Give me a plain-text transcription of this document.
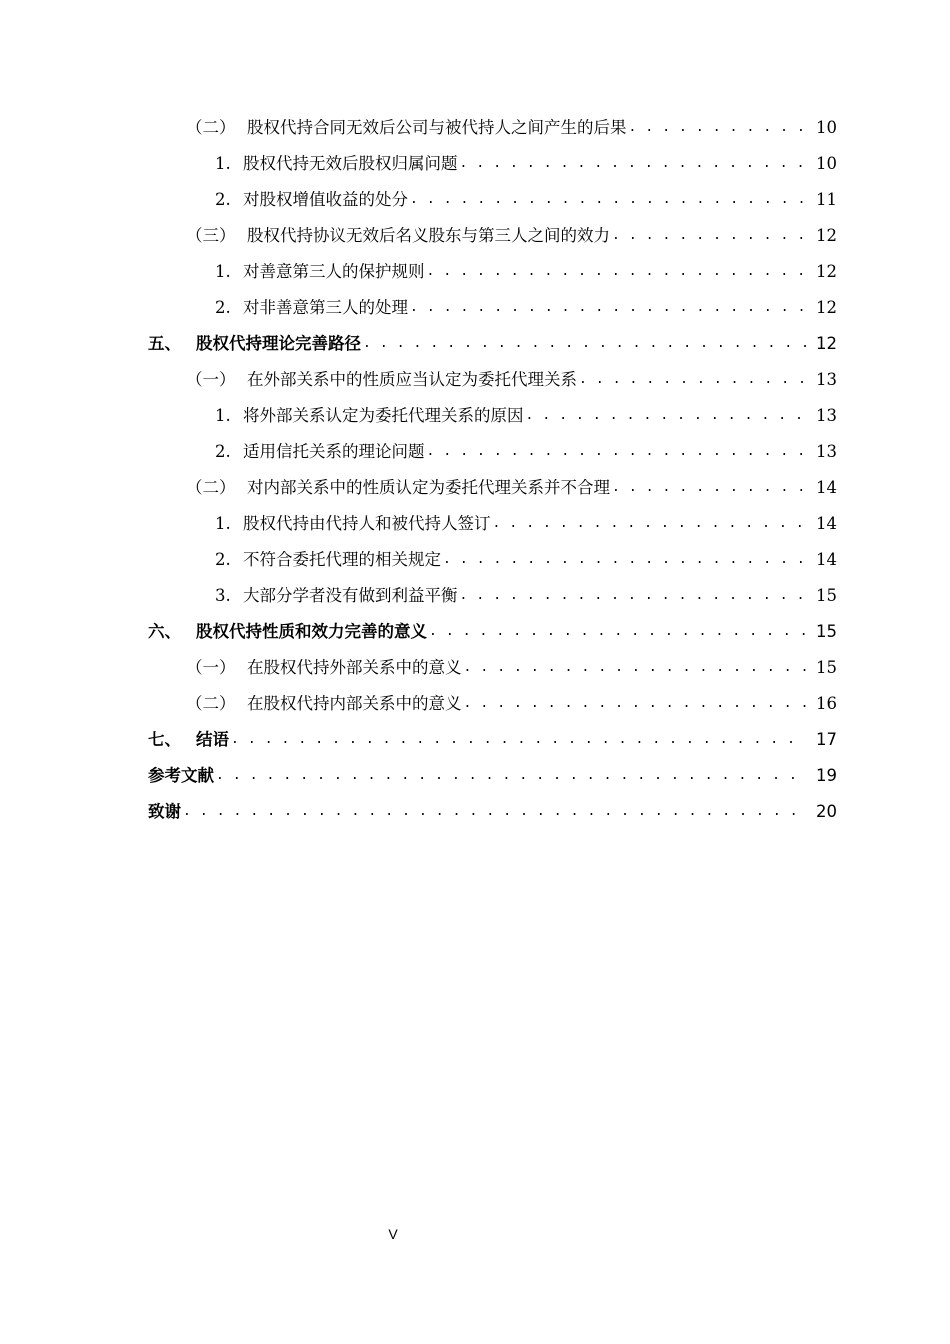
（二） 股权代持合同无效后公司与被代持人之间产生的后果 . . .	10
1. 股权代持无效后股权归属问题 . . .	10
2. 对股权增值收益的处分 . . .	11
（三） 股权代持协议无效后名义股东与第三人之间的效力 . . .	12
1. 对善意第三人的保护规则 . . .	12
2. 对非善意第三人的处理 . . .	12
五、 股权代持理论完善路径 . . .	12
（一） 在外部关系中的性质应当认定为委托代理关系 . . .	13
1. 将外部关系认定为委托代理关系的原因 . . .	13
2. 适用信托关系的理论问题 . . .	13
（二） 对内部关系中的性质认定为委托代理关系并不合理 . . .	14
1. 股权代持由代持人和被代持人签订 . . .	14
2. 不符合委托代理的相关规定 . . .	14
3. 大部分学者没有做到利益平衡 . . .	15
六、 股权代持性质和效力完善的意义 . . .	15
（一） 在股权代持外部关系中的意义 . . .	15
（二） 在股权代持内部关系中的意义 . . .	16
七、 结语 . . .	17
参考文献 . . .	19
致谢 . . .	20
V
